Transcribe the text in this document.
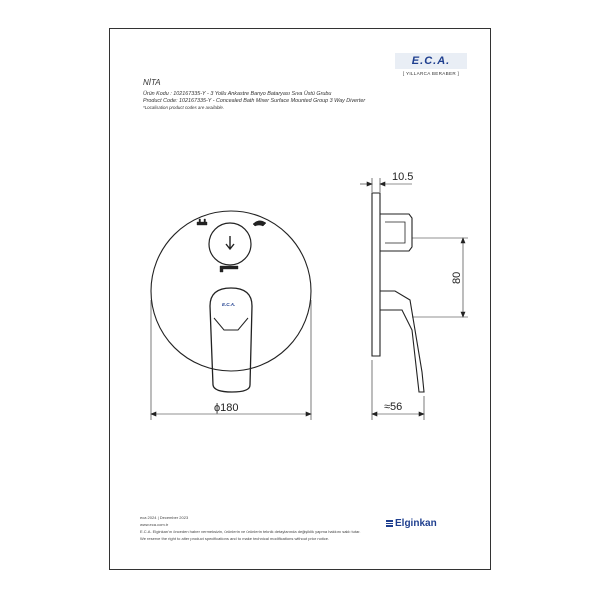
E.C.A.
[ YILLARCA BERABER ]
NİTA
Ürün Kodu : 102167335-Y - 3 Yollu Ankastre Banyo Bataryası Sıva Üstü Grubu
Product Code: 102167335-Y - Concealed Bath Mixer Surface Mounted Group 3 Way Diverter
*Localisation product codes are available.
E.C.A.
ϕ180
10.5
80
≈56
eca 2024 | December 2023
www.eca.com.tr
E.C.A. Elginkan'ın önceden haber vermeksizin, ürünlerin ve ürünlerin teknik detaylarında değişiklik yapma hakkını saklı tutar.
We reserve the right to alter product specifications and to make technical modifications without prior notice.
Elginkan
